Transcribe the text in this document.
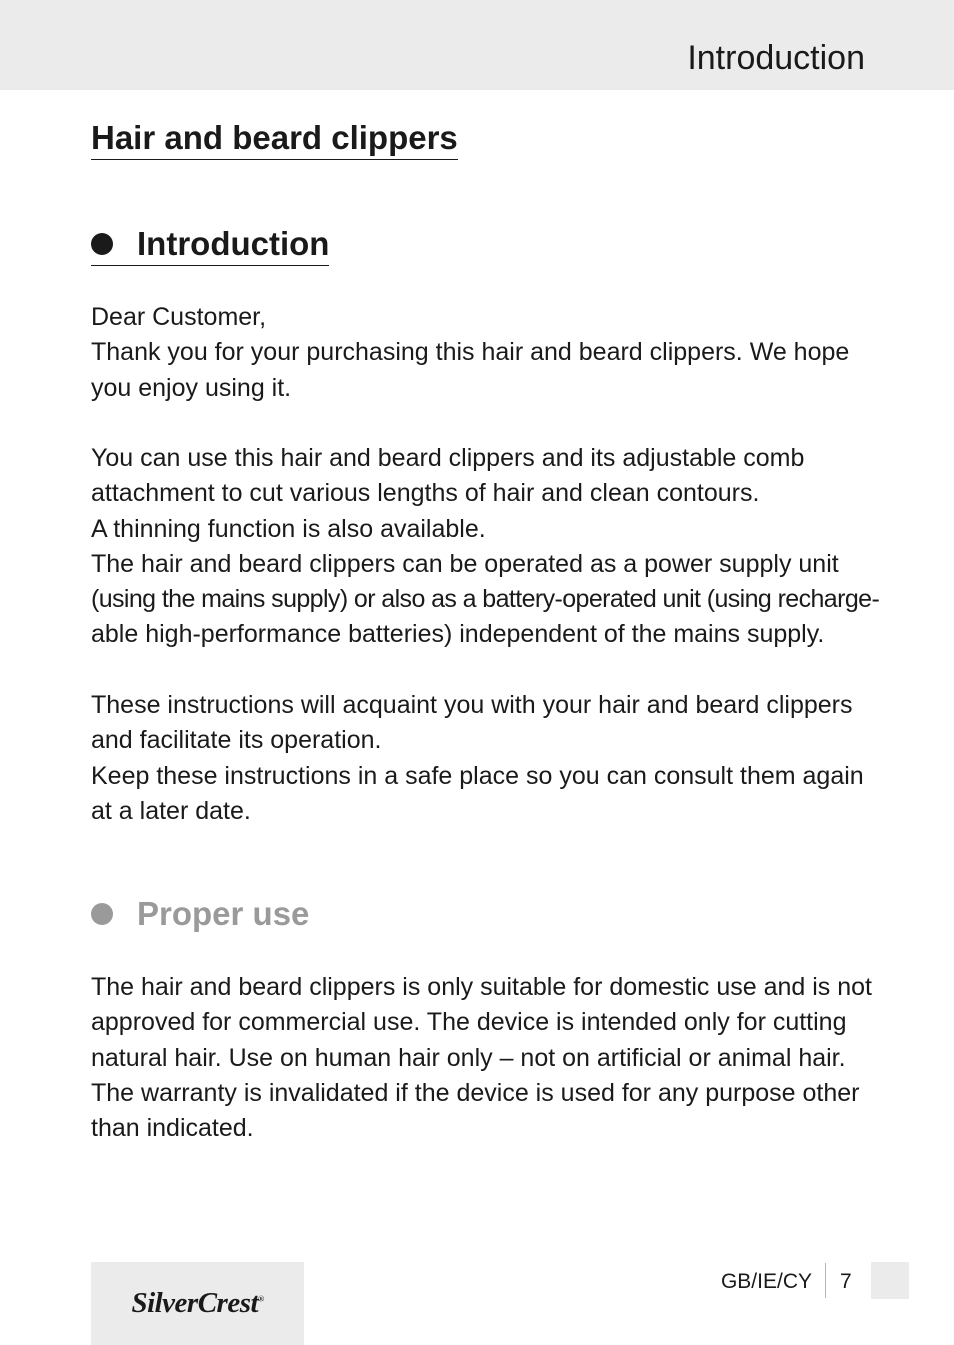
Introduction
Hair and beard clippers
Introduction

Dear Customer,
Thank you for your purchasing this hair and beard clippers. We hope
you enjoy using it.

You can use this hair and beard clippers and its adjustable comb
attachment to cut various lengths of hair and clean contours.
A thinning function is also available.
The hair and beard clippers can be operated as a power supply unit
(using the mains supply) or also as a battery-operated unit (using recharge-
able high-performance batteries) independent of the mains supply.

These instructions will acquaint you with your hair and beard clippers
and facilitate its operation.
Keep these instructions in a safe place so you can consult them again
at a later date.

Proper use

The hair and beard clippers is only suitable for domestic use and is not
approved for commercial use. The device is intended only for cutting
natural hair. Use on human hair only – not on artificial or animal hair.
The warranty is invalidated if the device is used for any purpose other
than indicated.

SilverCrest®
GB/IE/CY 7
